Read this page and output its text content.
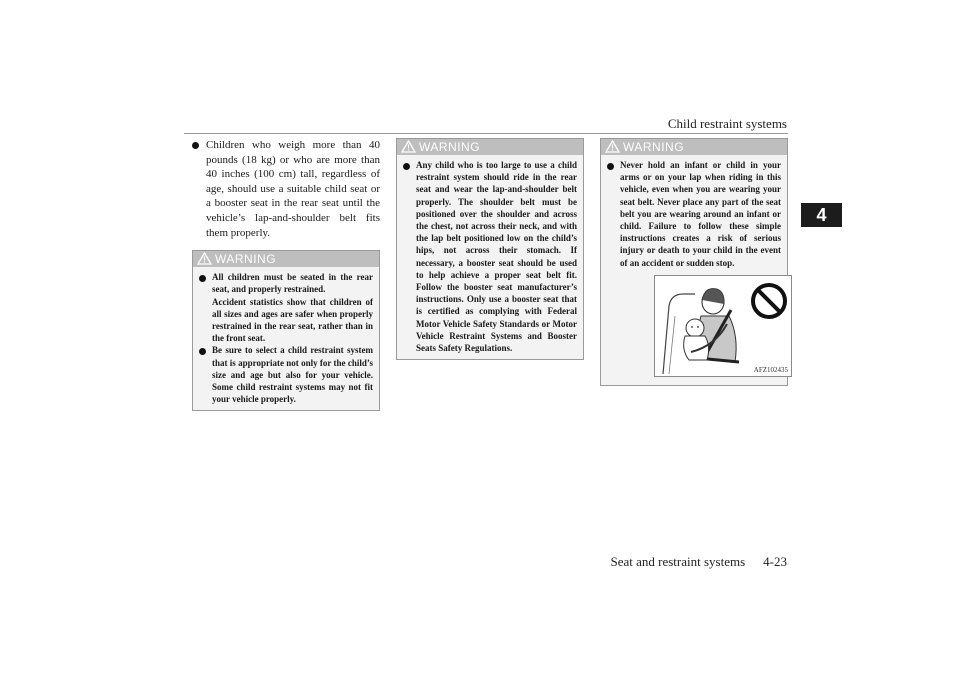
Child restraint systems
4
Children who weigh more than 40 pounds (18 kg) or who are more than 40 inches (100 cm) tall, regardless of age, should use a suitable child seat or a booster seat in the rear seat until the vehicle’s lap-and-shoulder belt fits them properly.
WARNING

All children must be seated in the rear seat, and properly restrained.

Accident statistics show that children of all sizes and ages are safer when properly restrained in the rear seat, rather than in the front seat.

Be sure to select a child restraint system that is appropriate not only for the child’s size and age but also for your vehicle. Some child restraint systems may not fit your vehicle properly.

WARNING

Any child who is too large to use a child restraint system should ride in the rear seat and wear the lap-and-shoulder belt properly. The shoulder belt must be positioned over the shoulder and across the chest, not across their neck, and with the lap belt positioned low on the child’s hips, not across their stomach. If necessary, a booster seat should be used to help achieve a proper seat belt fit. Follow the booster seat manufacturer’s instructions. Only use a booster seat that is certified as complying with Federal Motor Vehicle Safety Standards or Motor Vehicle Restraint Systems and Booster Seats Safety Regulations.

WARNING

Never hold an infant or child in your arms or on your lap when riding in this vehicle, even when you are wearing your seat belt. Never place any part of the seat belt you are wearing around an infant or child. Failure to follow these simple instructions creates a risk of serious injury or death to your child in the event of an accident or sudden stop.

AFZ102435
Seat and restraint systems 4-23
